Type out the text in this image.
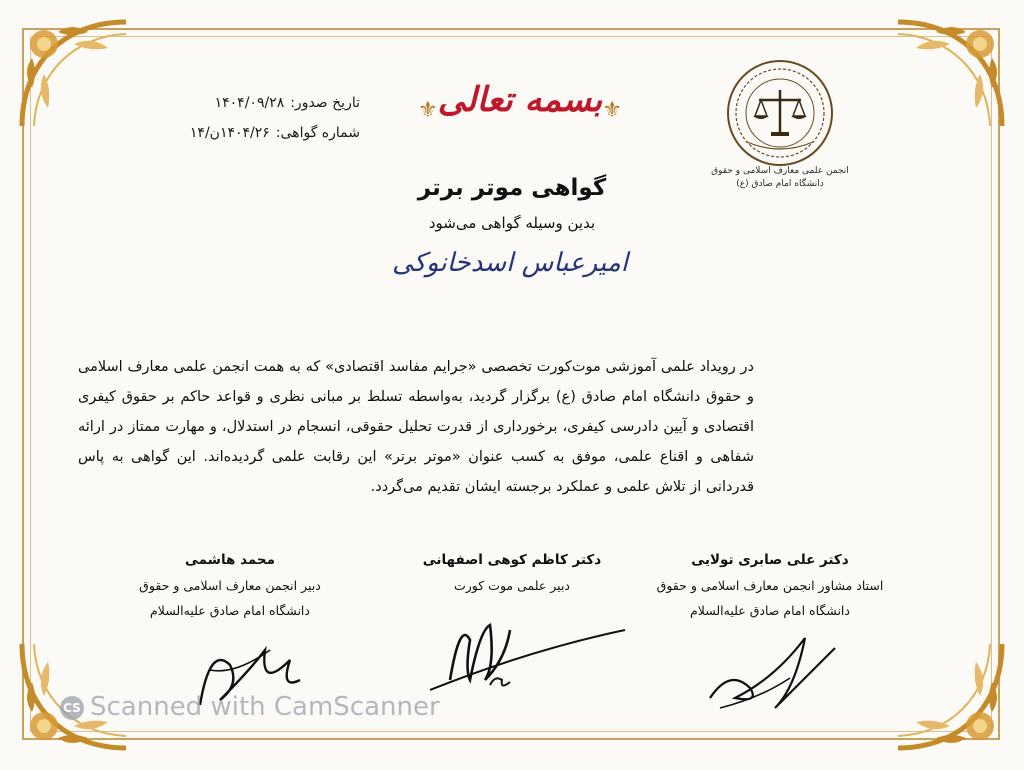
تاریخ صدور:۱۴۰۴/۰۹/۲۸
شماره گواهی:۱۴۰۴/۲۶ن/۱۴
⚜ بسمه تعالی ⚜
انجمن علمی معارف اسلامی و حقوق
دانشگاه امام صادق (ع)
گواهی موتر برتر
بدین وسیله گواهی می‌شود
امیرعباس اسدخانوکی

در رویداد علمی آموزشی موت‌کورت تخصصی «جرایم مفاسد اقتصادی» که به همت انجمن علمی معارف اسلامی و حقوق دانشگاه امام صادق (ع) برگزار گردید، به‌واسطه تسلط بر مبانی نظری و قواعد حاکم بر حقوق کیفری اقتصادی و آیین دادرسی کیفری، برخورداری از قدرت تحلیل حقوقی، انسجام در استدلال، و مهارت ممتاز در ارائه شفاهی و اقناع علمی، موفق به کسب عنوان «موتر برتر» این رقابت علمی گردیده‌اند. این گواهی به پاس قدردانی از تلاش علمی و عملکرد برجسته ایشان تقدیم می‌گردد.

محمد هاشمی
دبیر انجمن معارف اسلامی و حقوق
دانشگاه امام صادق علیه‌السلام
دکتر کاظم کوهی اصفهانی
دبیر علمی موت کورت
دکتر علی صابری تولایی
استاد مشاور انجمن معارف اسلامی و حقوق
دانشگاه امام صادق علیه‌السلام
CS Scanned with CamScanner
